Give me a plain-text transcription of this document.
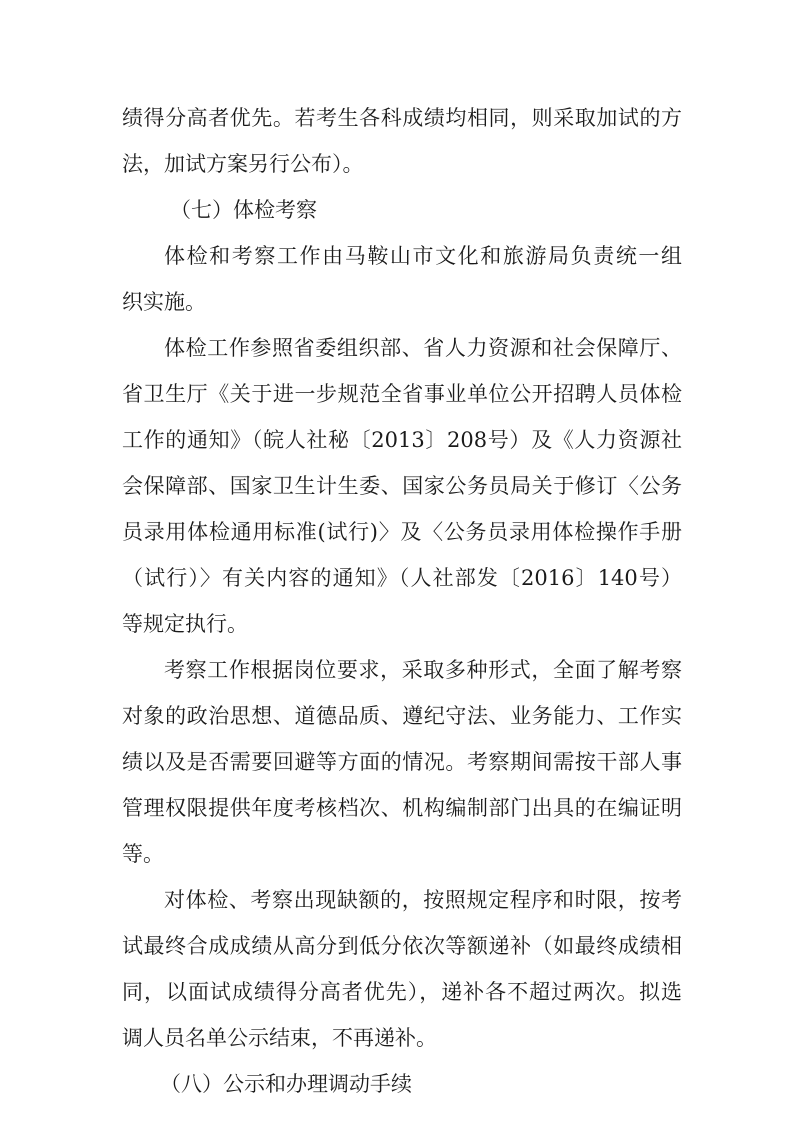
绩得分高者优先。若考生各科成绩均相同，则采取加试的方
法，加试方案另行公布）。
（七）体检考察
体检和考察工作由马鞍山市文化和旅游局负责统一组
织实施。
体检工作参照省委组织部、省人力资源和社会保障厅、
省卫生厅《关于进一步规范全省事业单位公开招聘人员体检
工作的通知》（皖人社秘〔2013〕208号）及《人力资源社
会保障部、国家卫生计生委、国家公务员局关于修订〈公务
员录用体检通用标准(试行)〉及〈公务员录用体检操作手册
（试行）〉有关内容的通知》（人社部发〔2016〕140号）
等规定执行。
考察工作根据岗位要求，采取多种形式，全面了解考察
对象的政治思想、道德品质、遵纪守法、业务能力、工作实
绩以及是否需要回避等方面的情况。考察期间需按干部人事
管理权限提供年度考核档次、机构编制部门出具的在编证明
等。
对体检、考察出现缺额的，按照规定程序和时限，按考
试最终合成成绩从高分到低分依次等额递补（如最终成绩相
同，以面试成绩得分高者优先），递补各不超过两次。拟选
调人员名单公示结束，不再递补。
（八）公示和办理调动手续
